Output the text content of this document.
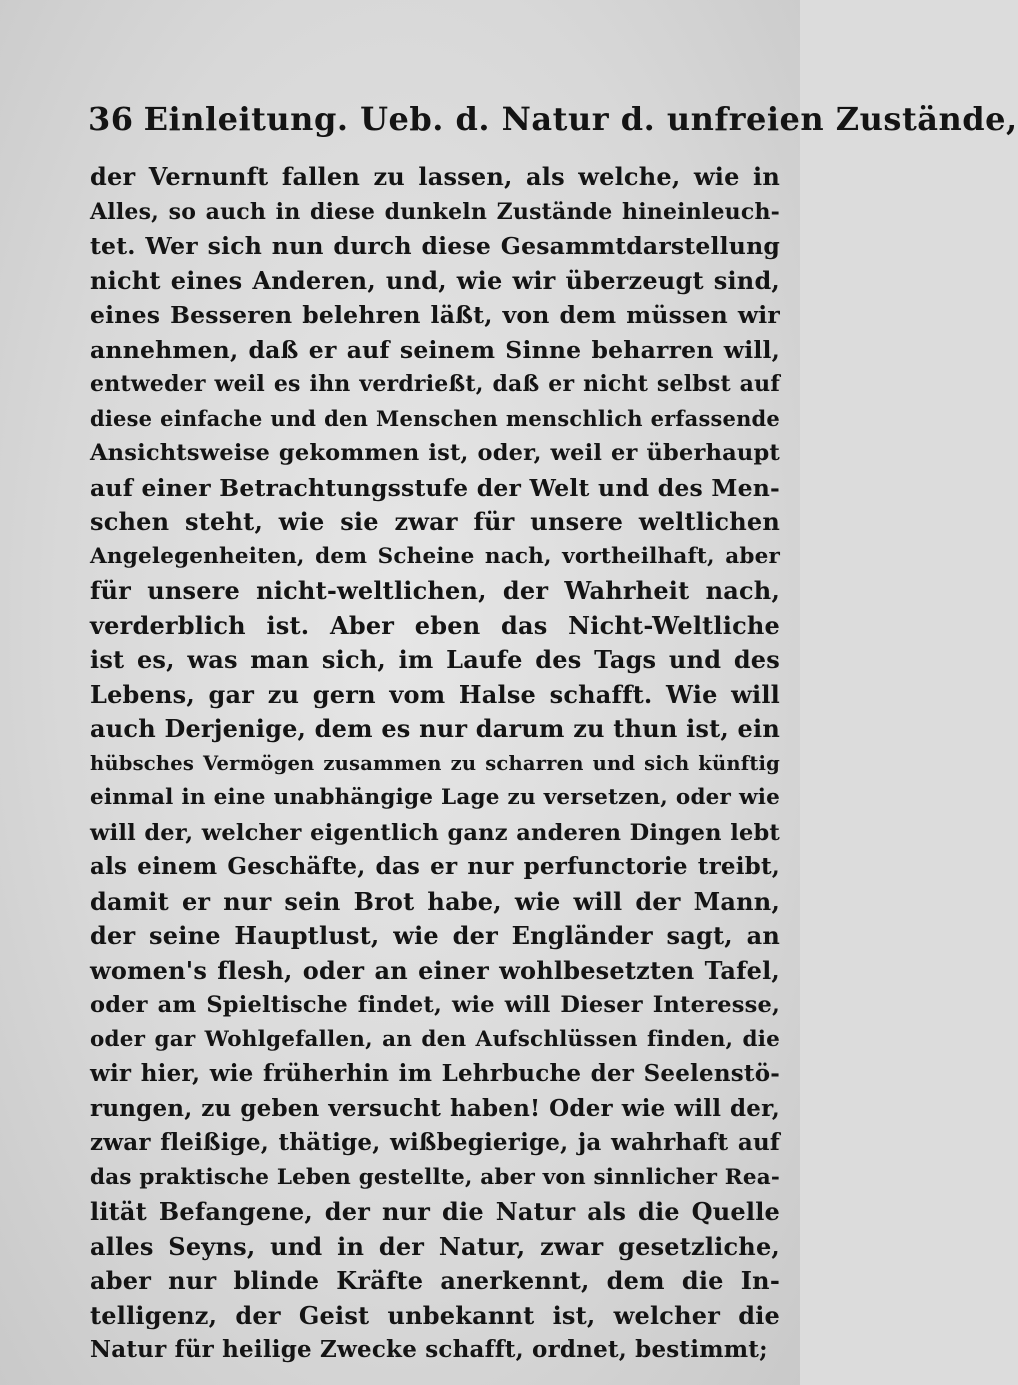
36 Einleitung. Ueb. d. Natur d. unfreien Zustände,
der Vernunft fallen zu lassen, als welche, wie in
Alles, so auch in diese dunkeln Zustände hineinleuch-
tet. Wer sich nun durch diese Gesammtdarstellung
nicht eines Anderen, und, wie wir überzeugt sind,
eines Besseren belehren läßt, von dem müssen wir
annehmen, daß er auf seinem Sinne beharren will,
entweder weil es ihn verdrießt, daß er nicht selbst auf
diese einfache und den Menschen menschlich erfassende
Ansichtsweise gekommen ist, oder, weil er überhaupt
auf einer Betrachtungsstufe der Welt und des Men-
schen steht, wie sie zwar für unsere weltlichen
Angelegenheiten, dem Scheine nach, vortheilhaft, aber
für unsere nicht-weltlichen, der Wahrheit nach,
verderblich ist. Aber eben das Nicht-Weltliche
ist es, was man sich, im Laufe des Tags und des
Lebens, gar zu gern vom Halse schafft. Wie will
auch Derjenige, dem es nur darum zu thun ist, ein
hübsches Vermögen zusammen zu scharren und sich künftig
einmal in eine unabhängige Lage zu versetzen, oder wie
will der, welcher eigentlich ganz anderen Dingen lebt
als einem Geschäfte, das er nur perfunctorie treibt,
damit er nur sein Brot habe, wie will der Mann,
der seine Hauptlust, wie der Engländer sagt, an
women's flesh, oder an einer wohlbesetzten Tafel,
oder am Spieltische findet, wie will Dieser Interesse,
oder gar Wohlgefallen, an den Aufschlüssen finden, die
wir hier, wie früherhin im Lehrbuche der Seelenstö-
rungen, zu geben versucht haben! Oder wie will der,
zwar fleißige, thätige, wißbegierige, ja wahrhaft auf
das praktische Leben gestellte, aber von sinnlicher Rea-
lität Befangene, der nur die Natur als die Quelle
alles Seyns, und in der Natur, zwar gesetzliche,
aber nur blinde Kräfte anerkennt, dem die In-
telligenz, der Geist unbekannt ist, welcher die
Natur für heilige Zwecke schafft, ordnet, bestimmt;
